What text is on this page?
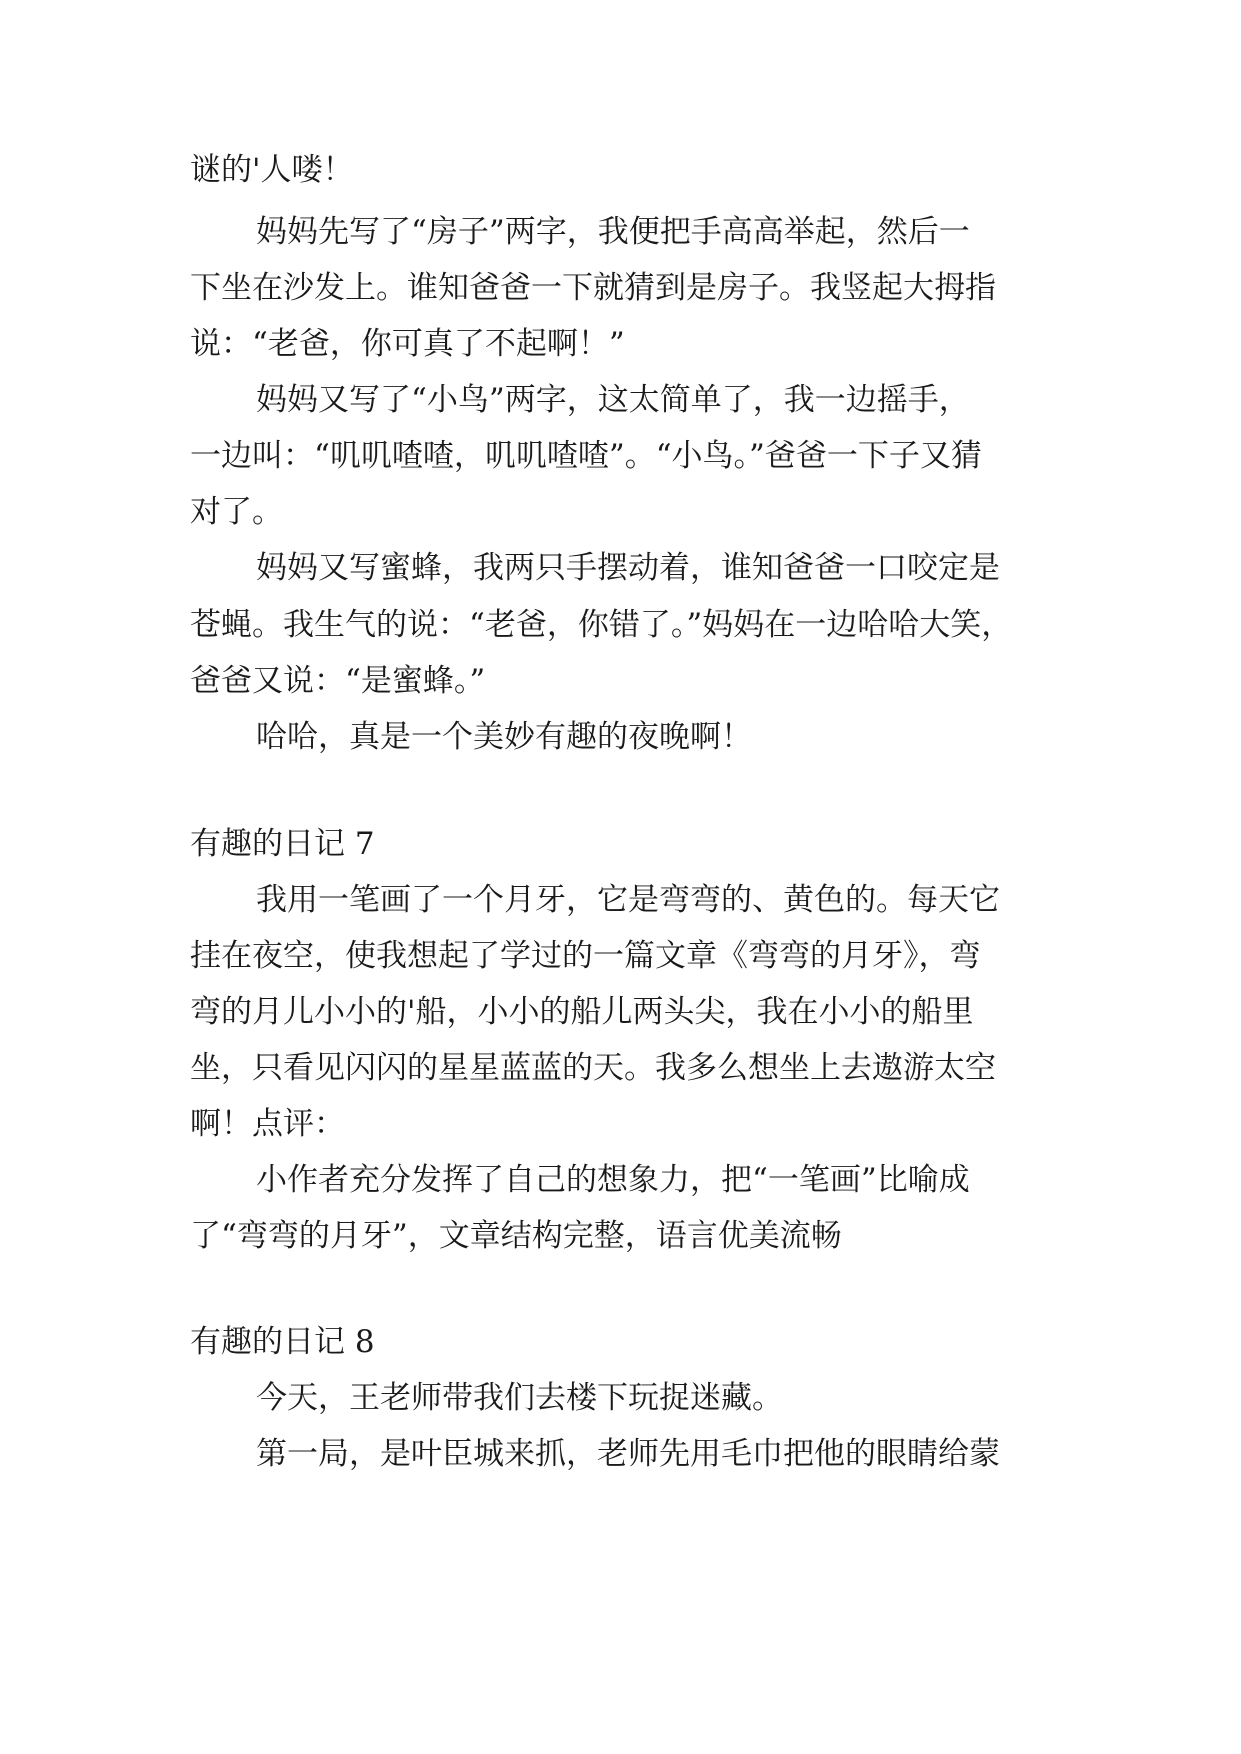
谜的'人喽！
妈妈先写了“房子”两字，我便把手高高举起，然后一
下坐在沙发上。谁知爸爸一下就猜到是房子。我竖起大拇指
说：“老爸，你可真了不起啊！”
妈妈又写了“小鸟”两字，这太简单了，我一边摇手，
一边叫：“叽叽喳喳，叽叽喳喳”。“小鸟。”爸爸一下子又猜
对了。
妈妈又写蜜蜂，我两只手摆动着，谁知爸爸一口咬定是
苍蝇。我生气的说：“老爸，你错了。”妈妈在一边哈哈大笑，
爸爸又说：“是蜜蜂。”
哈哈，真是一个美妙有趣的夜晚啊！
有趣的日记 7
我用一笔画了一个月牙，它是弯弯的、黄色的。每天它
挂在夜空，使我想起了学过的一篇文章《弯弯的月牙》，弯
弯的月儿小小的'船，小小的船儿两头尖，我在小小的船里
坐，只看见闪闪的星星蓝蓝的天。我多么想坐上去遨游太空
啊！点评：
小作者充分发挥了自己的想象力，把“一笔画”比喻成
了“弯弯的月牙”，文章结构完整，语言优美流畅
有趣的日记 8
今天，王老师带我们去楼下玩捉迷藏。
第一局，是叶臣城来抓，老师先用毛巾把他的眼睛给蒙
